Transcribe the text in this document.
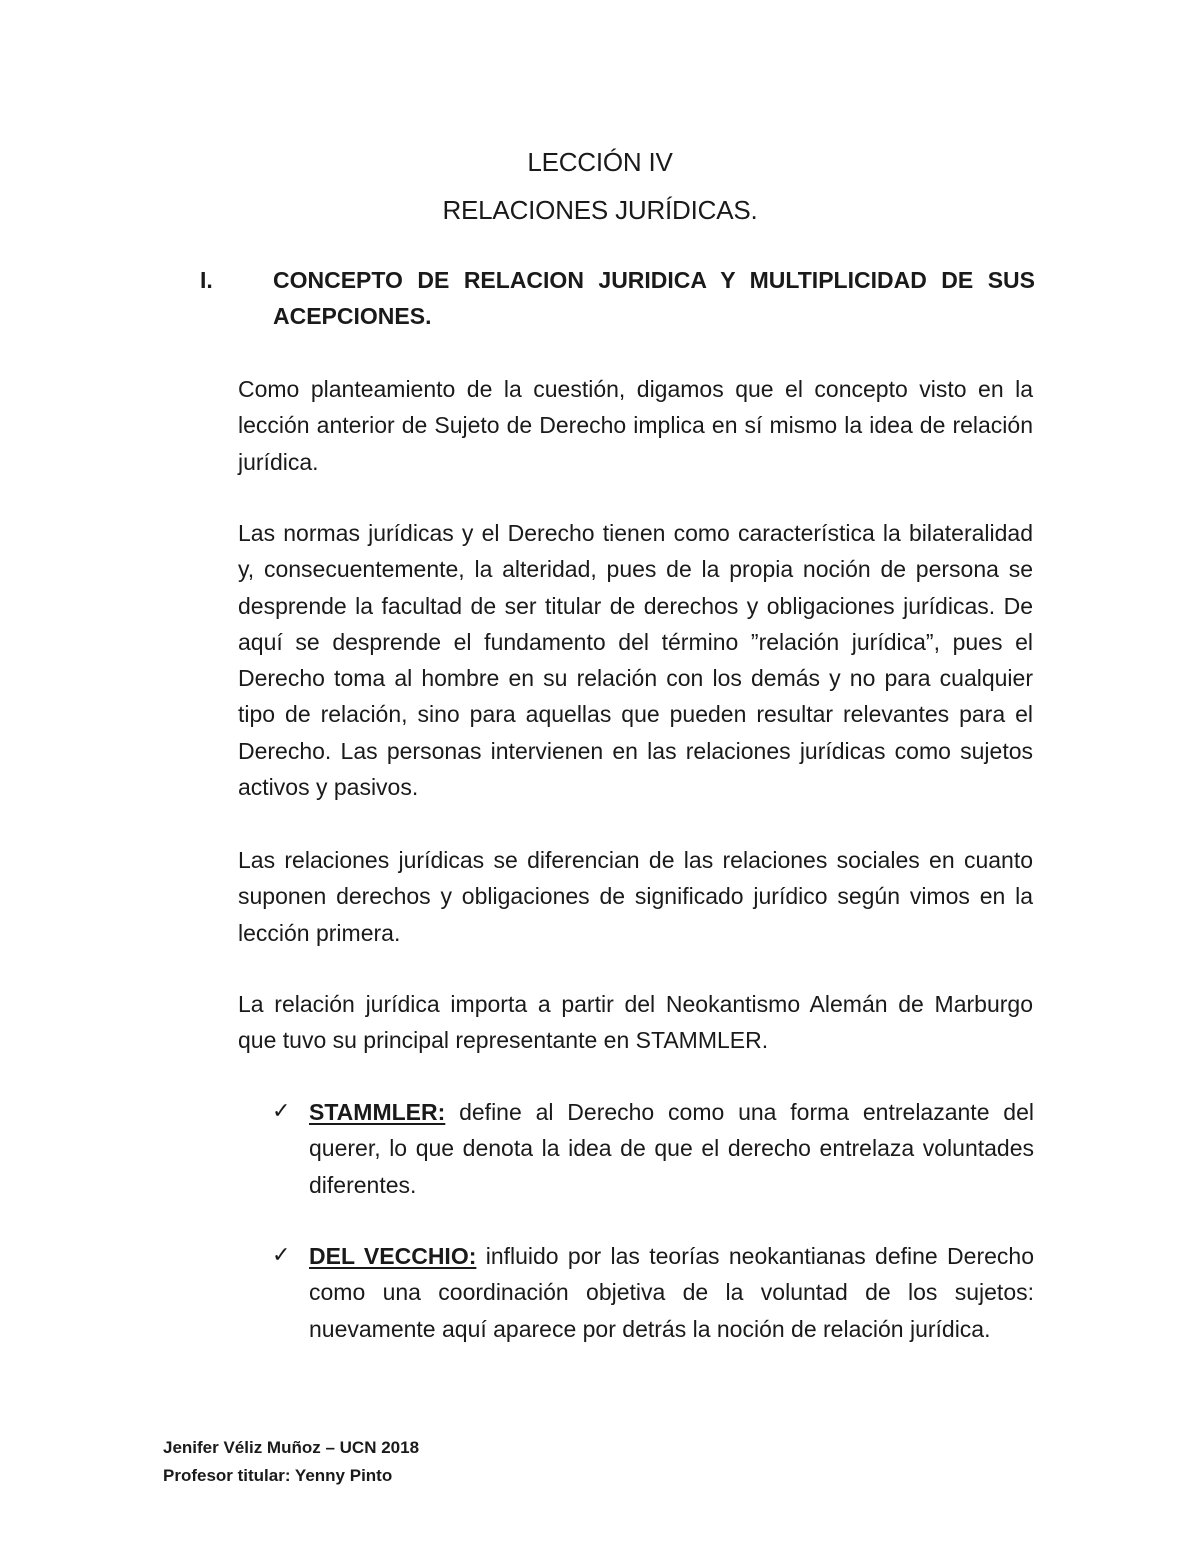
LECCIÓN IV
RELACIONES JURÍDICAS.
I.	CONCEPTO DE RELACION JURIDICA Y MULTIPLICIDAD DE SUS ACEPCIONES.

Como planteamiento de la cuestión, digamos que el concepto visto en la lección anterior de Sujeto de Derecho implica en sí mismo la idea de relación jurídica.

Las normas jurídicas y el Derecho tienen como característica la bilateralidad y, consecuentemente, la alteridad, pues de la propia noción de persona se desprende la facultad de ser titular de derechos y obligaciones jurídicas. De aquí se desprende el fundamento del término ”relación jurídica”, pues el Derecho toma al hombre en su relación con los demás y no para cualquier tipo de relación, sino para aquellas que pueden resultar relevantes para el Derecho. Las personas intervienen en las relaciones jurídicas como sujetos activos y pasivos.

Las relaciones jurídicas se diferencian de las relaciones sociales en cuanto suponen derechos y obligaciones de significado jurídico según vimos en la lección primera.

La relación jurídica importa a partir del Neokantismo Alemán de Marburgo que tuvo su principal representante en STAMMLER.

✓ STAMMLER: define al Derecho como una forma entrelazante del querer, lo que denota la idea de que el derecho entrelaza voluntades diferentes.
✓ DEL VECCHIO: influido por las teorías neokantianas define Derecho como una coordinación objetiva de la voluntad de los sujetos: nuevamente aquí aparece por detrás la noción de relación jurídica.
Jenifer Véliz Muñoz – UCN 2018
Profesor titular: Yenny Pinto
